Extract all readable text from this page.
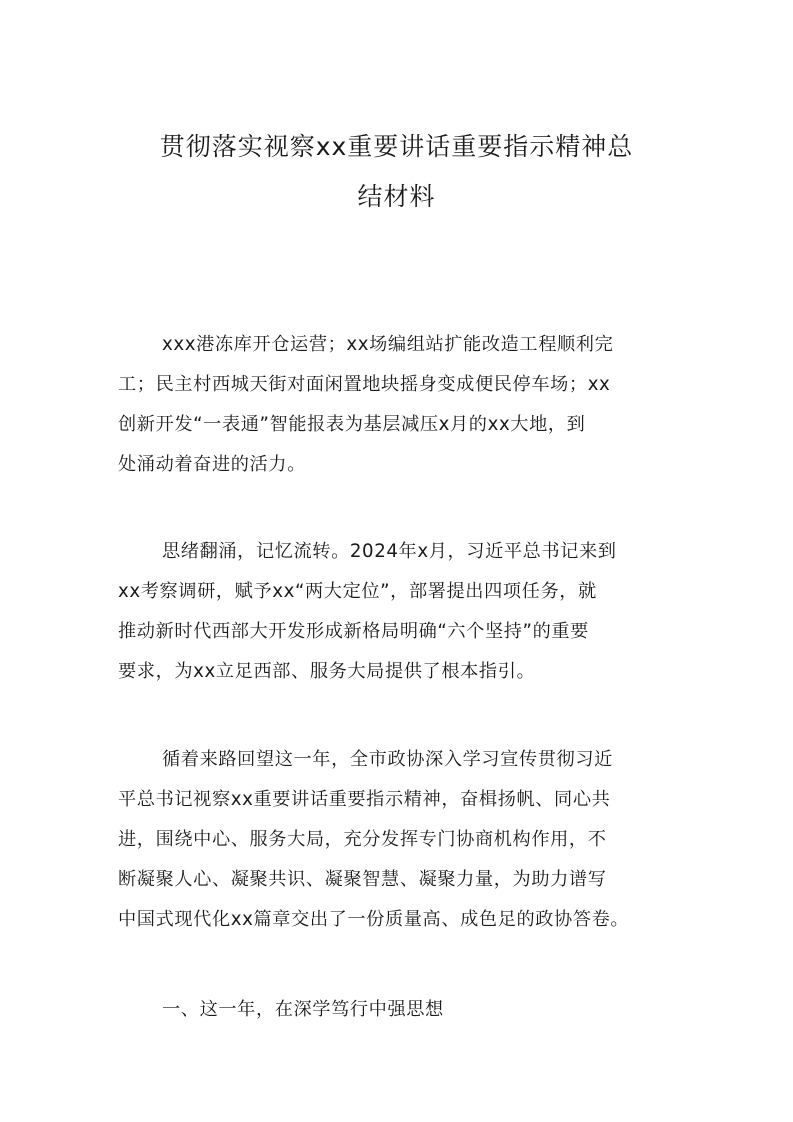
贯彻落实视察xx重要讲话重要指示精神总
结材料

xxx港冻库开仓运营；xx场编组站扩能改造工程顺利完
工；民主村西城天街对面闲置地块摇身变成便民停车场；xx
创新开发“一表通”智能报表为基层减压x月的xx大地，到
处涌动着奋进的活力。

思绪翻涌，记忆流转。2024年x月，习近平总书记来到
xx考察调研，赋予xx“两大定位”，部署提出四项任务，就
推动新时代西部大开发形成新格局明确“六个坚持”的重要
要求，为xx立足西部、服务大局提供了根本指引。

循着来路回望这一年，全市政协深入学习宣传贯彻习近
平总书记视察xx重要讲话重要指示精神，奋楫扬帆、同心共
进，围绕中心、服务大局，充分发挥专门协商机构作用，不
断凝聚人心、凝聚共识、凝聚智慧、凝聚力量，为助力谱写
中国式现代化xx篇章交出了一份质量高、成色足的政协答卷。

一、这一年，在深学笃行中强思想
